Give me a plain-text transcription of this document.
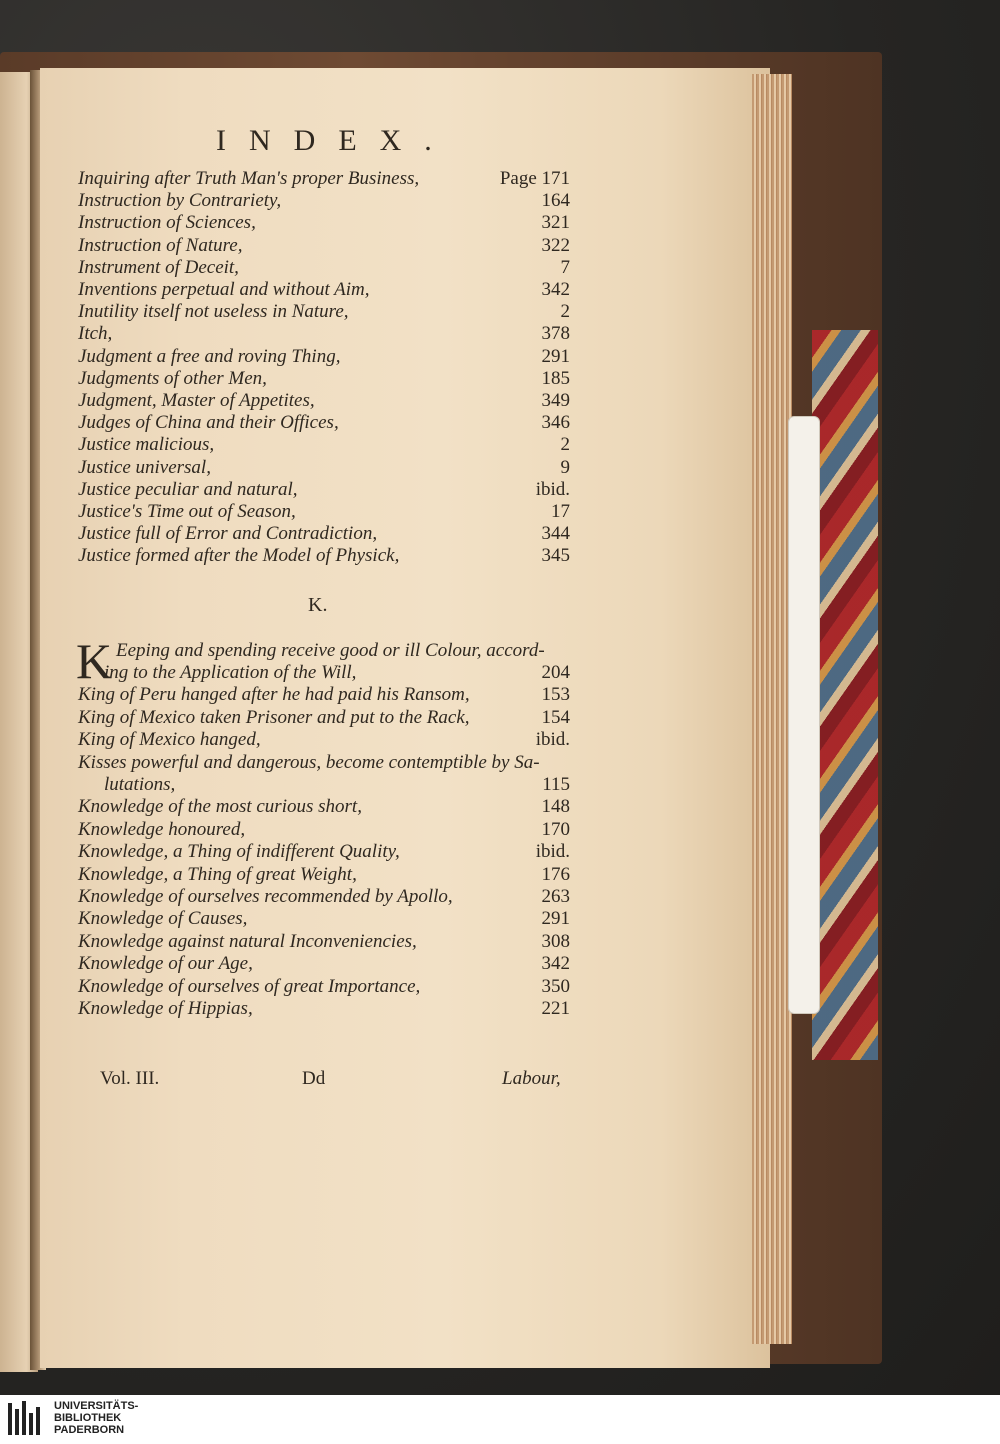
INDEX.
Inquiring after Truth Man's proper Business,	Page 171
Instruction by Contrariety,	164
Instruction of Sciences,	321
Instruction of Nature,	322
Instrument of Deceit,	7
Inventions perpetual and without Aim,	342
Inutility itself not useless in Nature,	2
Itch,	378
Judgment a free and roving Thing,	291
Judgments of other Men,	185
Judgment, Master of Appetites,	349
Judges of China and their Offices,	346
Justice malicious,	2
Justice universal,	9
Justice peculiar and natural,	ibid.
Justice's Time out of Season,	17
Justice full of Error and Contradiction,	344
Justice formed after the Model of Physick,	345
K.
K Eeping and spending receive good or ill Colour, accord-
ing to the Application of the Will,	204
King of Peru hanged after he had paid his Ransom,	153
King of Mexico taken Prisoner and put to the Rack,	154
King of Mexico hanged,	ibid.
Kisses powerful and dangerous, become contemptible by Sa-
lutations,	115
Knowledge of the most curious short,	148
Knowledge honoured,	170
Knowledge, a Thing of indifferent Quality,	ibid.
Knowledge, a Thing of great Weight,	176
Knowledge of ourselves recommended by Apollo,	263
Knowledge of Causes,	291
Knowledge against natural Inconveniencies,	308
Knowledge of our Age,	342
Knowledge of ourselves of great Importance,	350
Knowledge of Hippias,	221
Vol. III.	Dd	Labour,
UNIVERSITÄTS-
BIBLIOTHEK
PADERBORN
